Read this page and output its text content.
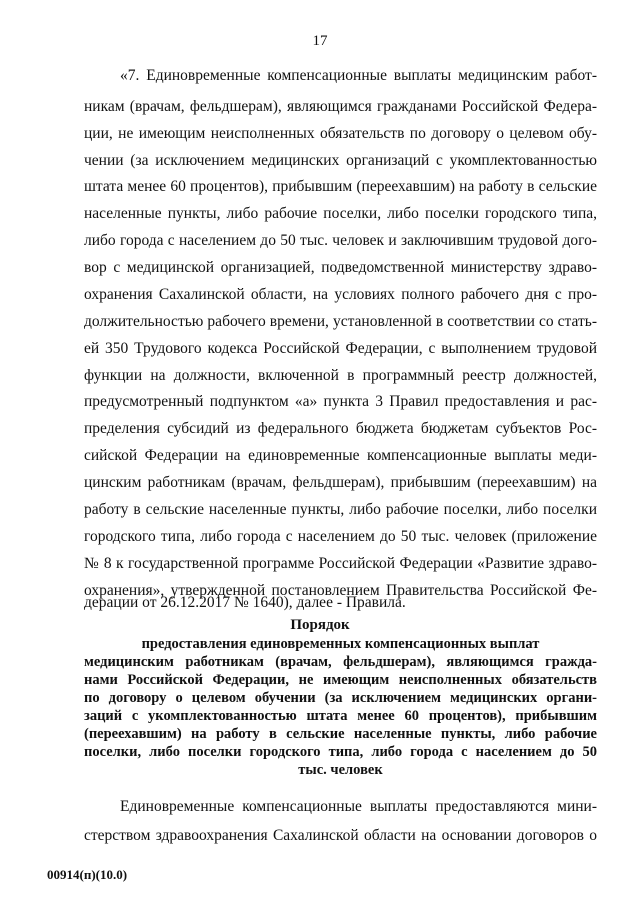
17
«7. Единовременные компенсационные выплаты медицинским работ-
никам (врачам, фельдшерам), являющимся гражданами Российской Федера-
ции, не имеющим неисполненных обязательств по договору о целевом обу-
чении (за исключением медицинских организаций с укомплектованностью
штата менее 60 процентов), прибывшим (переехавшим) на работу в сельские
населенные пункты, либо рабочие поселки, либо поселки городского типа,
либо города с населением до 50 тыс. человек и заключившим трудовой дого-
вор с медицинской организацией, подведомственной министерству здраво-
охранения Сахалинской области, на условиях полного рабочего дня с про-
должительностью рабочего времени, установленной в соответствии со стать-
ей 350 Трудового кодекса Российской Федерации, с выполнением трудовой
функции на должности, включенной в программный реестр должностей,
предусмотренный подпунктом «а» пункта 3 Правил предоставления и рас-
пределения субсидий из федерального бюджета бюджетам субъектов Рос-
сийской Федерации на единовременные компенсационные выплаты меди-
цинским работникам (врачам, фельдшерам), прибывшим (переехавшим) на
работу в сельские населенные пункты, либо рабочие поселки, либо поселки
городского типа, либо города с населением до 50 тыс. человек (приложение
№ 8 к государственной программе Российской Федерации «Развитие здраво-
охранения», утвержденной постановлением Правительства Российской Фе-
дерации от 26.12.2017 № 1640), далее - Правила.
Порядок
предоставления единовременных компенсационных выплат
медицинским работникам (врачам, фельдшерам), являющимся гражда-
нами Российской Федерации, не имеющим неисполненных обязательств
по договору о целевом обучении (за исключением медицинских органи-
заций с укомплектованностью штата менее 60 процентов), прибывшим
(переехавшим) на работу в сельские населенные пункты, либо рабочие
поселки, либо поселки городского типа, либо города с населением до 50
тыс. человек
Единовременные компенсационные выплаты предоставляются мини-
стерством здравоохранения Сахалинской области на основании договоров о
00914(п)(10.0)
